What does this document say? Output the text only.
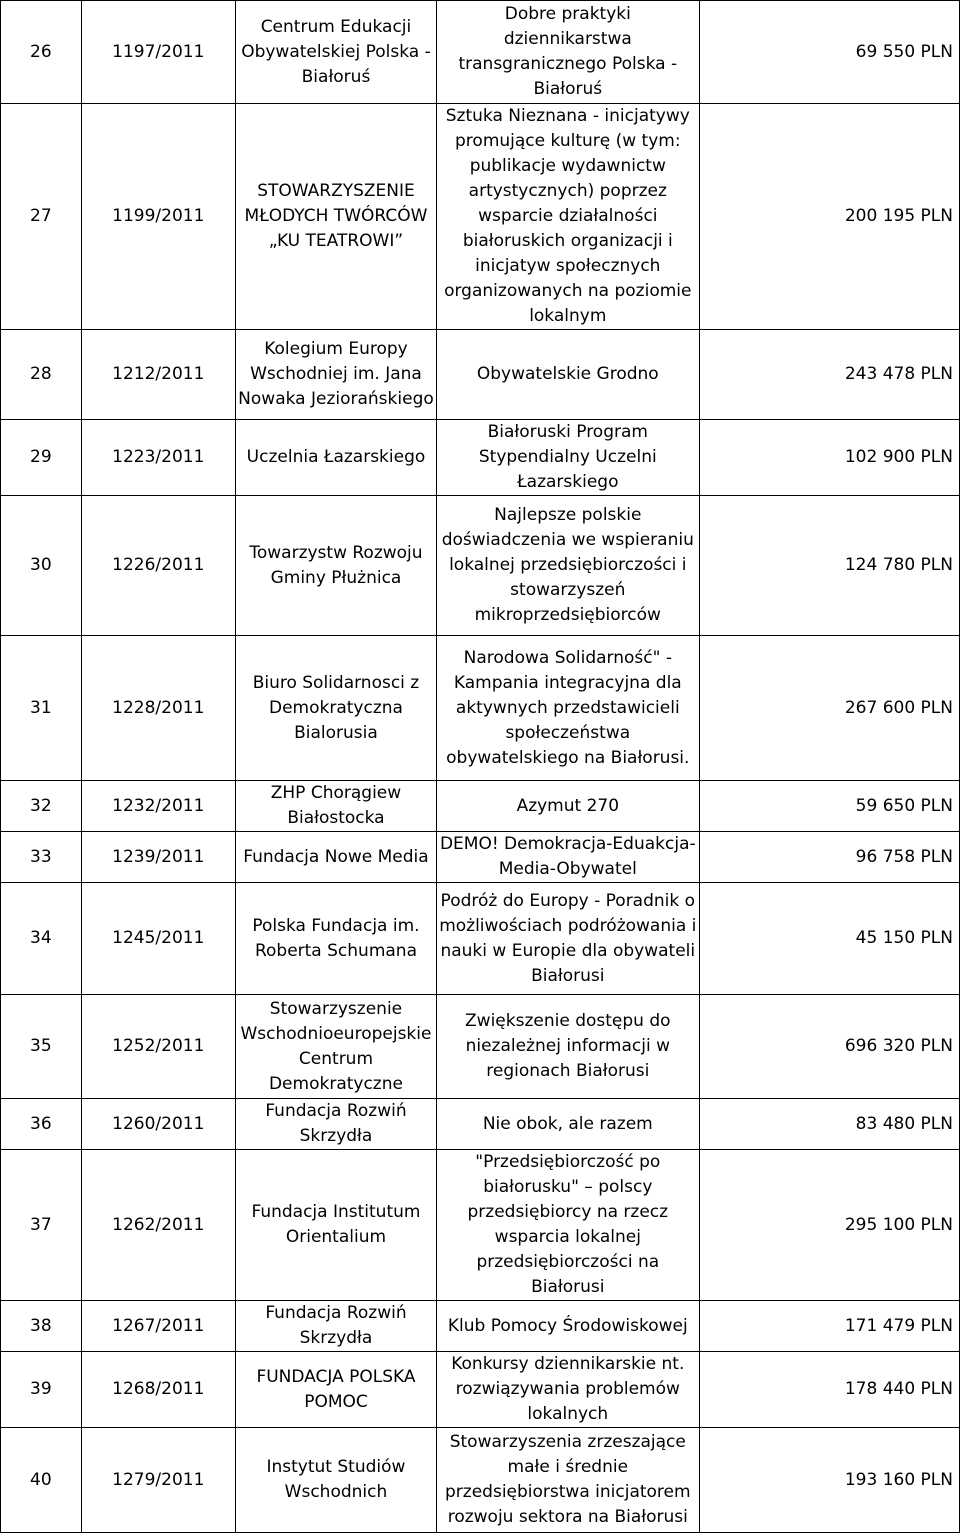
26	1197/2011	Centrum Edukacji Obywatelskiej Polska - Białoruś	Dobre praktyki dziennikarstwa transgranicznego Polska - Białoruś	69 550 PLN
27	1199/2011	STOWARZYSZENIE MŁODYCH TWÓRCÓW „KU TEATROWI”	Sztuka Nieznana - inicjatywy promujące kulturę (w tym: publikacje wydawnictw artystycznych) poprzez wsparcie działalności białoruskich organizacji i inicjatyw społecznych organizowanych na poziomie lokalnym	200 195 PLN
28	1212/2011	Kolegium Europy Wschodniej im. Jana Nowaka Jeziorańskiego	Obywatelskie Grodno	243 478 PLN
29	1223/2011	Uczelnia Łazarskiego	Białoruski Program Stypendialny Uczelni Łazarskiego	102 900 PLN
30	1226/2011	Towarzystw Rozwoju Gminy Płużnica	Najlepsze polskie doświadczenia we wspieraniu lokalnej przedsiębiorczości i stowarzyszeń mikroprzedsiębiorców	124 780 PLN
31	1228/2011	Biuro Solidarnosci z Demokratyczna Bialorusia	Narodowa Solidarność" - Kampania integracyjna dla aktywnych przedstawicieli społeczeństwa obywatelskiego na Białorusi.	267 600 PLN
32	1232/2011	ZHP Chorągiew Białostocka	Azymut 270	59 650 PLN
33	1239/2011	Fundacja Nowe Media	DEMO! Demokracja-Eduakcja-Media-Obywatel	96 758 PLN
34	1245/2011	Polska Fundacja im. Roberta Schumana	Podróż do Europy - Poradnik o możliwościach podróżowania i nauki w Europie dla obywateli Białorusi	45 150 PLN
35	1252/2011	Stowarzyszenie Wschodnioeuropejskie Centrum Demokratyczne	Zwiększenie dostępu do niezależnej informacji w regionach Białorusi	696 320 PLN
36	1260/2011	Fundacja Rozwiń Skrzydła	Nie obok, ale razem	83 480 PLN
37	1262/2011	Fundacja Institutum Orientalium	"Przedsiębiorczość po białorusku" – polscy przedsiębiorcy na rzecz wsparcia lokalnej przedsiębiorczości na Białorusi	295 100 PLN
38	1267/2011	Fundacja Rozwiń Skrzydła	Klub Pomocy Środowiskowej	171 479 PLN
39	1268/2011	FUNDACJA POLSKA POMOC	Konkursy dziennikarskie nt. rozwiązywania problemów lokalnych	178 440 PLN
40	1279/2011	Instytut Studiów Wschodnich	Stowarzyszenia zrzeszające małe i średnie przedsiębiorstwa inicjatorem rozwoju sektora na Białorusi	193 160 PLN
